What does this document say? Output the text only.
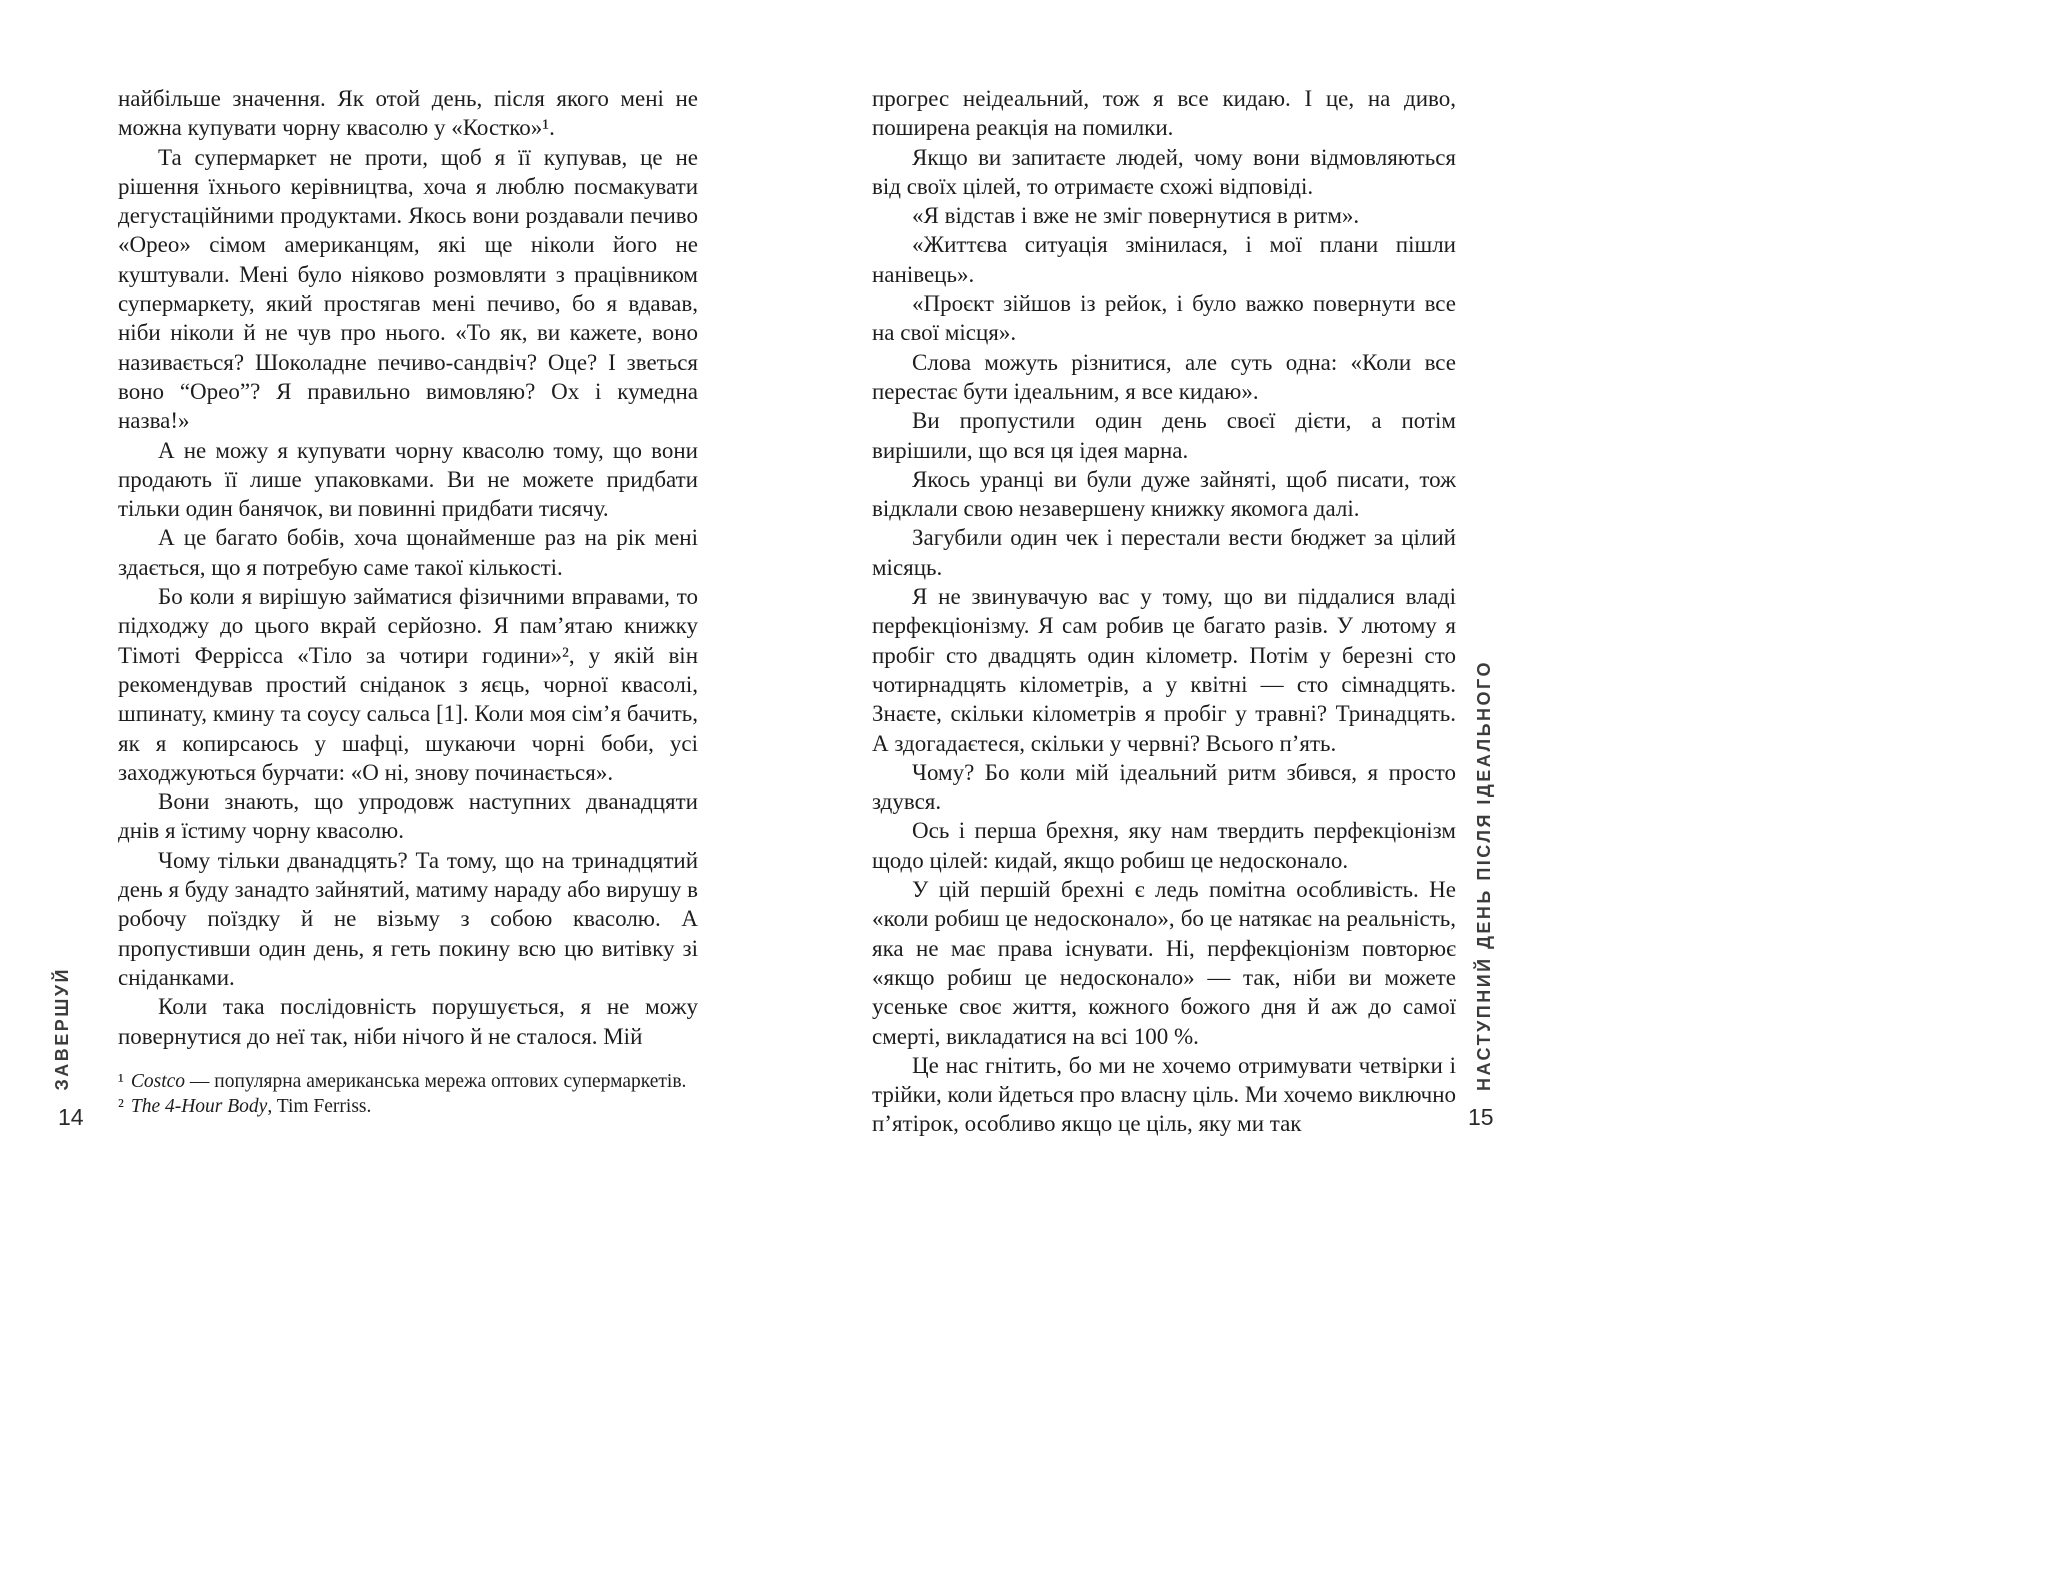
найбільше значення. Як отой день, після якого мені не можна купувати чорну квасолю у «Костко»¹.

Та супермаркет не проти, щоб я її купував, це не рішення їхнього керівництва, хоча я люблю посмакувати дегустаційними продуктами. Якось вони роздавали печиво «Орео» сімом американцям, які ще ніколи його не куштували. Мені було ніяково розмовляти з працівником супермаркету, який простягав мені печиво, бо я вдавав, ніби ніколи й не чув про нього. «То як, ви кажете, воно називається? Шоколадне печиво-сандвіч? Оце? І зветься воно “Орео”? Я правильно вимовляю? Ох і кумедна назва!»

А не можу я купувати чорну квасолю тому, що вони продають її лише упаковками. Ви не можете придбати тільки один банячок, ви повинні придбати тисячу.

А це багато бобів, хоча щонайменше раз на рік мені здається, що я потребую саме такої кількості.

Бо коли я вирішую займатися фізичними вправами, то підходжу до цього вкрай серйозно. Я пам’ятаю книжку Тімоті Феррісса «Тіло за чотири години»², у якій він рекомендував простий сніданок з яєць, чорної квасолі, шпинату, кмину та соусу сальса [1]. Коли моя сім’я бачить, як я копирсаюсь у шафці, шукаючи чорні боби, усі заходжуються бурчати: «О ні, знову починається».

Вони знають, що упродовж наступних дванадцяти днів я їстиму чорну квасолю.

Чому тільки дванадцять? Та тому, що на тринадцятий день я буду занадто зайнятий, матиму нараду або вирушу в робочу поїздку й не візьму з собою квасолю. А пропустивши один день, я геть покину всю цю витівку зі сніданками.

Коли така послідовність порушується, я не можу повернутися до неї так, ніби нічого й не сталося. Мій

¹ Costco — популярна американська мережа оптових супермаркетів.

² The 4-Hour Body, Tim Ferriss.

ЗАВЕРШУЙ
14

прогрес неідеальний, тож я все кидаю. І це, на диво, поширена реакція на помилки.

Якщо ви запитаєте людей, чому вони відмовляються від своїх цілей, то отримаєте схожі відповіді.

«Я відстав і вже не зміг повернутися в ритм».

«Життєва ситуація змінилася, і мої плани пішли нанівець».

«Проєкт зійшов із рейок, і було важко повернути все на свої місця».

Слова можуть різнитися, але суть одна: «Коли все перестає бути ідеальним, я все кидаю».

Ви пропустили один день своєї дієти, а потім вирішили, що вся ця ідея марна.

Якось уранці ви були дуже зайняті, щоб писати, тож відклали свою незавершену книжку якомога далі.

Загубили один чек і перестали вести бюджет за цілий місяць.

Я не звинувачую вас у тому, що ви піддалися владі перфекціонізму. Я сам робив це багато разів. У лютому я пробіг сто двадцять один кілометр. Потім у березні сто чотирнадцять кілометрів, а у квітні — сто сімнадцять. Знаєте, скільки кілометрів я пробіг у травні? Тринадцять. А здогадаєтеся, скільки у червні? Всього п’ять.

Чому? Бо коли мій ідеальний ритм збився, я просто здувся.

Ось і перша брехня, яку нам твердить перфекціонізм щодо цілей: кидай, якщо робиш це недосконало.

У цій першій брехні є ледь помітна особливість. Не «коли робиш це недосконало», бо це натякає на реальність, яка не має права існувати. Ні, перфекціонізм повторює «якщо робиш це недосконало» — так, ніби ви можете усеньке своє життя, кожного божого дня й аж до самої смерті, викладатися на всі 100 %.

Це нас гнітить, бо ми не хочемо отримувати четвірки і трійки, коли йдеться про власну ціль. Ми хочемо виключно п’ятірок, особливо якщо це ціль, яку ми так

НАСТУПНИЙ ДЕНЬ ПІСЛЯ ІДЕАЛЬНОГО
15
